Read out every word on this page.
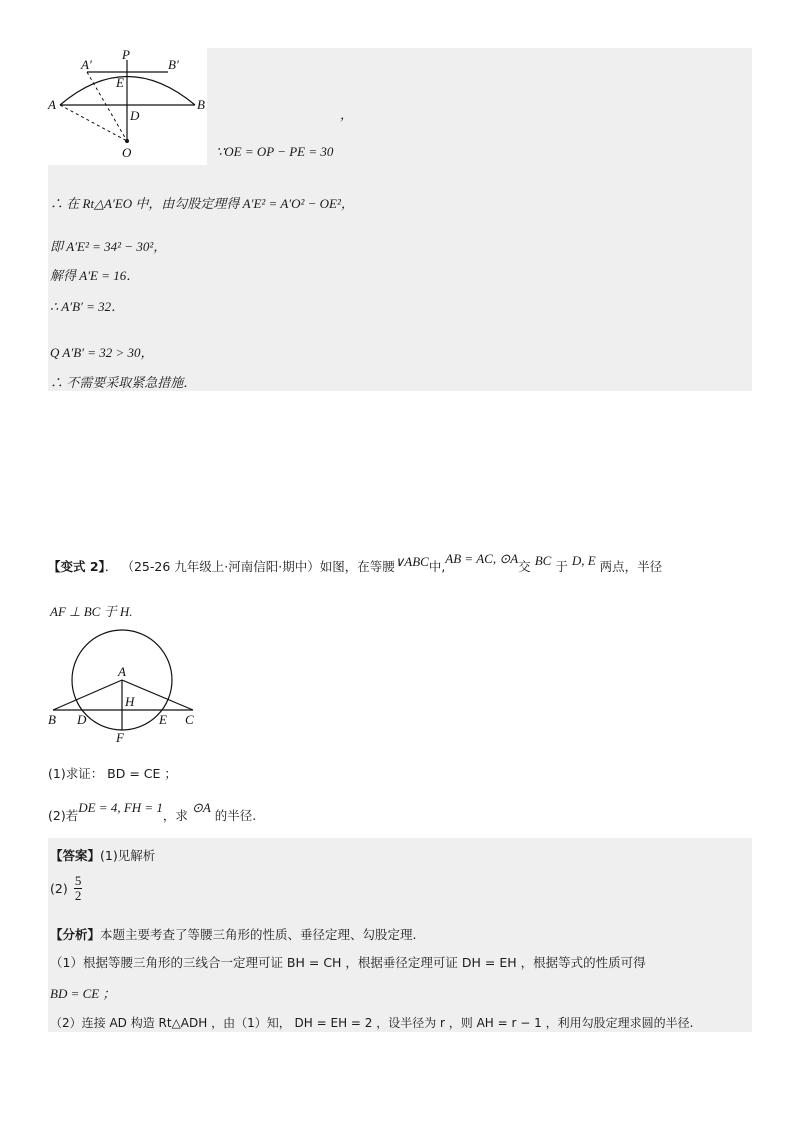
A
A′
P
B′
E
B
D
O
，
∵OE = OP − PE = 30
∴ 在 Rt△A′EO 中，由勾股定理得 A′E² = A′O² − OE²，
即 A′E² = 34² − 30²，
解得 A′E = 16．
∴ A′B′ = 32．
Q A′B′ = 32 > 30，
∴ 不需要采取紧急措施．
【变式 2】． （25-26 九年级上·河南信阳·期中）如图，在等腰∨ABC中,AB = AC, ⊙A交 BC 于 D, E 两点，半径
AF ⊥ BC 于 H.
A
H
B D	E C
F
(1)求证： BD = CE ；
(2)若DE = 4, FH = 1，求⊙A的半径.
【答案】(1)见解析
$(2) \frac{5}{2}$
【分析】本题主要考查了等腰三角形的性质、垂径定理、勾股定理.
（1）根据等腰三角形的三线合一定理可证 BH = CH ，根据垂径定理可证 DH = EH ，根据等式的性质可得
BD = CE ；
（2）连接 AD 构造 Rt△ADH ，由（1）知， DH = EH = 2 ，设半径为 r ，则 AH = r − 1 ，利用勾股定理求圆的半径.
